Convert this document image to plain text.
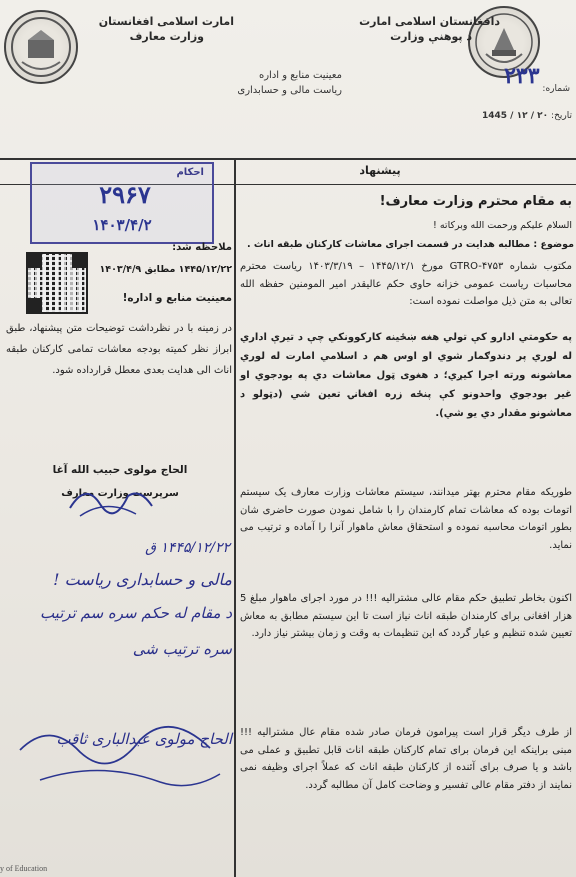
دافغانستان اسلامی امارت
د پوهنې وزارت
امارت اسلامی افغانستان
وزارت معارف
معینیت منابع و اداره
ریاست مالی و حسابداری	شماره: ۲۳۳
تاریخ: ۲۰ / ۱۲ / 1445
پیشنهاد
به مقام محترم وزارت معارف!
السلام علیکم ورحمت الله وبرکاته !
موضوع : مطالبه هدایت در قسمت اجرای معاشات کارکنان طبقه اناث .
مکتوب شماره GTRO-۴۷۵۳ مورخ ۱۴۴۵/۱۲/۱ – ۱۴۰۳/۳/۱۹ ریاست محترم محاسبات ریاست عمومی خزانه حاوی حکم عالیقدر امیر المومنین حفظه الله تعالی به متن ذیل مواصلت نموده است:
په حکومتي ادارو کې تولي هغه ښځينه کارکوونکي چې د تیرې اداري له لوري پر دندوګمار شوي او اوس هم د اسلامي امارت له لوري معاشونه ورته اجرا کیږي؛ د هغوی ټول معاشات دي په بودجوي او غیر بودجوي واحدونو کې پنځه زره افغانۍ تعین شي (دټولو د معاشونو مقدار دي یو شي).
طوریکه مقام محترم بهتر میدانند، سیستم معاشات وزارت معارف یک سیستم اتومات بوده که معاشات تمام کارمندان را با شامل نمودن صورت حاضری شان بطور اتومات محاسبه نموده و استحقاق معاش ماهوار آنرا را آماده و ترتیب می نماید.
اکنون بخاطر تطبیق حکم مقام عالی مشترالیه !!! در مورد اجرای ماهوار مبلغ 5 هزار افغانی برای کارمندان طبقه اناث نیاز است تا این سیستم مطابق به معاش تعیین شده تنظیم و عیار گردد که این تنظیمات به وقت و زمان بیشتر نیاز دارد.
از طرف دیگر قرار است پیرامون فرمان صادر شده مقام عال مشترالیه !!! مبنی براینکه این فرمان برای تمام کارکنان طبقه اناث قابل تطبیق و عملی می باشد و یا صرف برای آئنده از کارکنان طبقه اناث که عملاً اجرای وظیفه نمی نمایند از دفتر مقام عالی تفسیر و وضاحت کامل آن مطالبه گردد.
احکام
۲۹۶۷
۱۴۰۳/۴/۲
ملاحظه شد:
۱۴۴۵/۱۲/۲۲ مطابق ۱۴۰۳/۴/۹
معینیت منابع و اداره!
در زمینه با در نظرداشت توضیحات متن پیشنهاد، طبق ابراز نظر کمیته بودجه معاشات تمامی کارکنان طبقه اناث الی هدایت بعدی معطل قرارداده شود.
الحاج مولوی حبیب الله آغا
سرپرست وزارت معارف
۱۴۴۵/۱۲/۲۲ ق
مالی و حسابداری ریاست !
د مقام له حکم سره سم ترتیب
سره ترتیب شی
الحاج مولوی عبدالباری ثاقب
y of Education
